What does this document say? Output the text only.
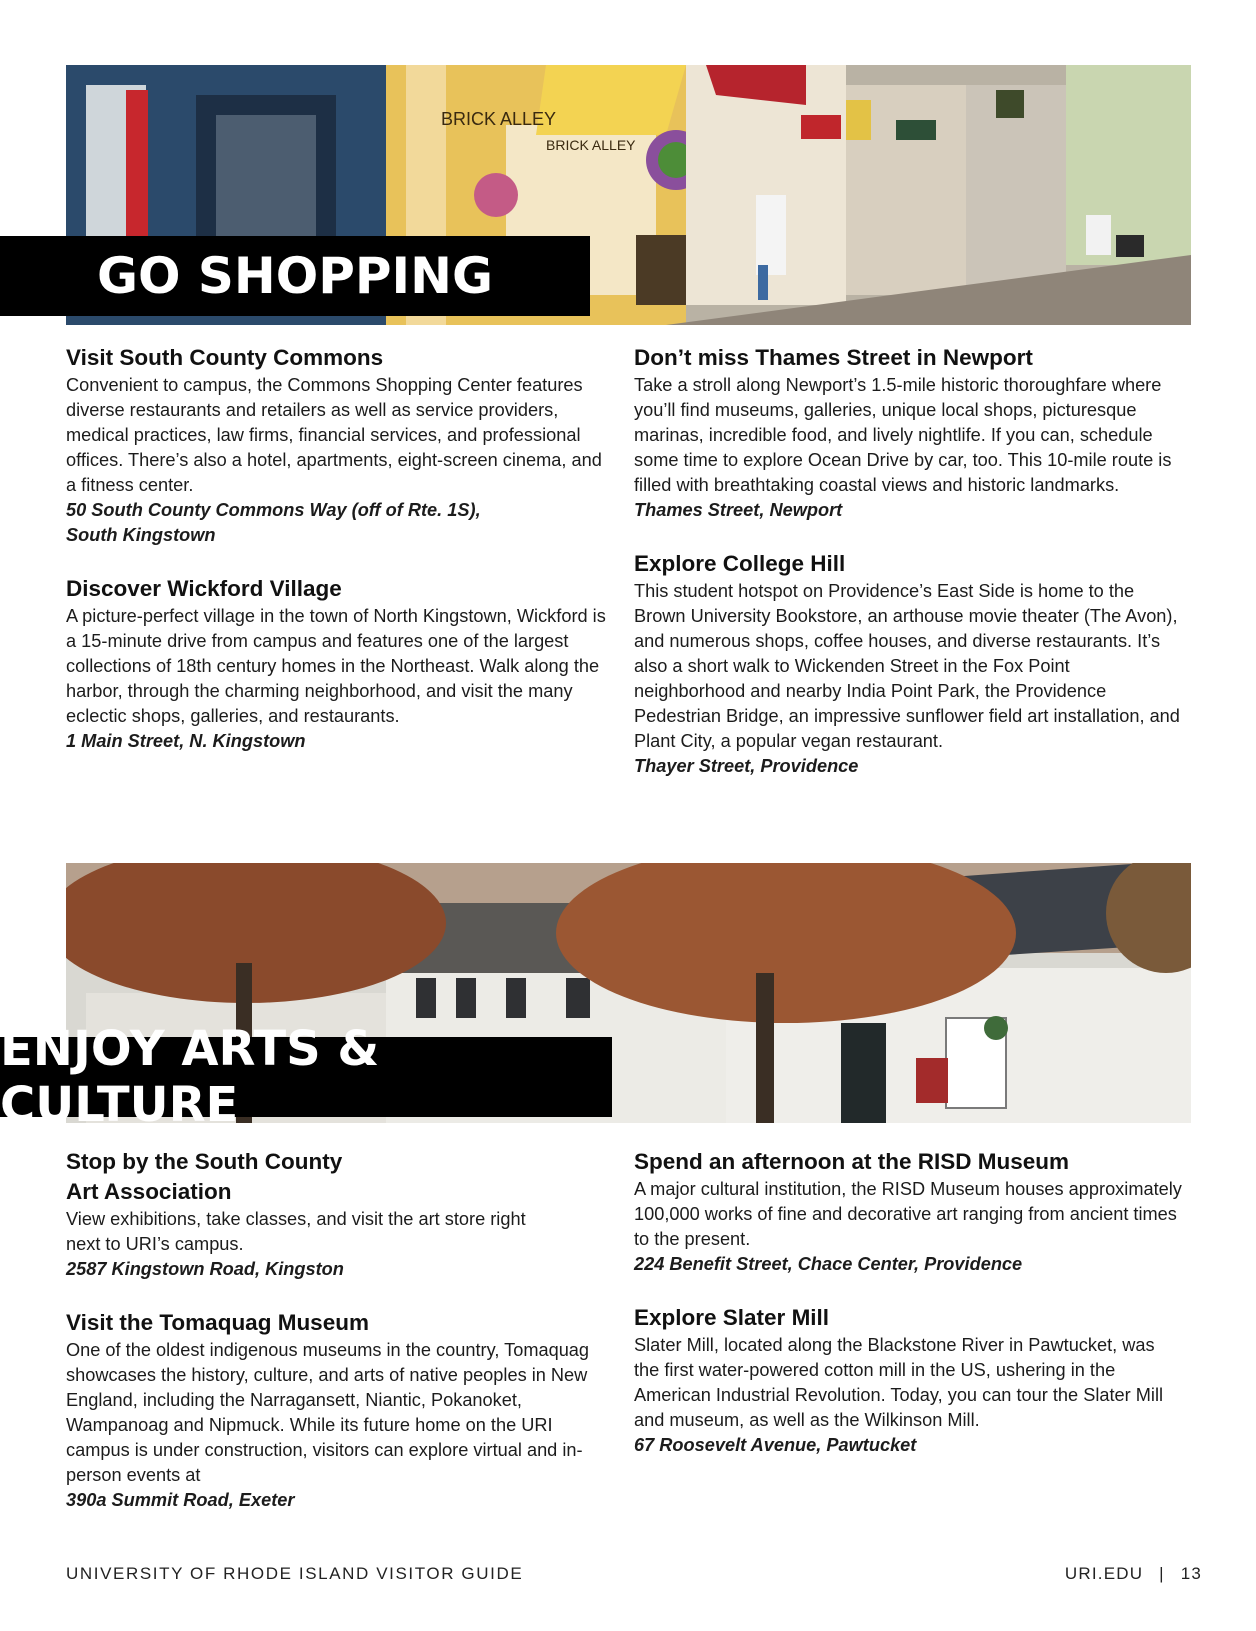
BRICK ALLEY
BRICK ALLEY
GO SHOPPING
Visit South County Commons

Convenient to campus, the Commons Shopping Center features diverse restaurants and retailers as well as service providers, medical practices, law firms, financial services, and professional offices. There’s also a hotel, apartments, eight-screen cinema, and a fitness center.

50 South County Commons Way (off of Rte. 1S), South Kingstown
Discover Wickford Village

A picture-perfect village in the town of North Kingstown, Wickford is a 15-minute drive from campus and features one of the largest collections of 18th century homes in the Northeast. Walk along the harbor, through the charming neighborhood, and visit the many eclectic shops, galleries, and restaurants.

1 Main Street, N. Kingstown
Don’t miss Thames Street in Newport

Take a stroll along Newport’s 1.5-mile historic thoroughfare where you’ll find museums, galleries, unique local shops, picturesque marinas, incredible food, and lively nightlife. If you can, schedule some time to explore Ocean Drive by car, too. This 10-mile route is filled with breathtaking coastal views and historic landmarks.

Thames Street, Newport
Explore College Hill

This student hotspot on Providence’s East Side is home to the Brown University Bookstore, an arthouse movie theater (The Avon), and numerous shops, coffee houses, and diverse restaurants. It’s also a short walk to Wickenden Street in the Fox Point neighborhood and nearby India Point Park, the Providence Pedestrian Bridge, an impressive sunflower field art installation, and Plant City, a popular vegan restaurant.

Thayer Street, Providence
ENJOY ARTS & CULTURE
Stop by the South County Art Association

View exhibitions, take classes, and visit the art store right next to URI’s campus.

2587 Kingstown Road, Kingston
Visit the Tomaquag Museum

One of the oldest indigenous museums in the country, Tomaquag showcases the history, culture, and arts of native peoples in New England, including the Narragansett, Niantic, Pokanoket, Wampanoag and Nipmuck. While its future home on the URI campus is under construction, visitors can explore virtual and in-person events at

390a Summit Road, Exeter
Spend an afternoon at the RISD Museum

A major cultural institution, the RISD Museum houses approximately 100,000 works of fine and decorative art ranging from ancient times to the present.

224 Benefit Street, Chace Center, Providence
Explore Slater Mill

Slater Mill, located along the Blackstone River in Pawtucket, was the first water-powered cotton mill in the US, ushering in the American Industrial Revolution. Today, you can tour the Slater Mill and museum, as well as the Wilkinson Mill.

67 Roosevelt Avenue, Pawtucket
UNIVERSITY OF RHODE ISLAND VISITOR GUIDE	URI.EDU | 13
